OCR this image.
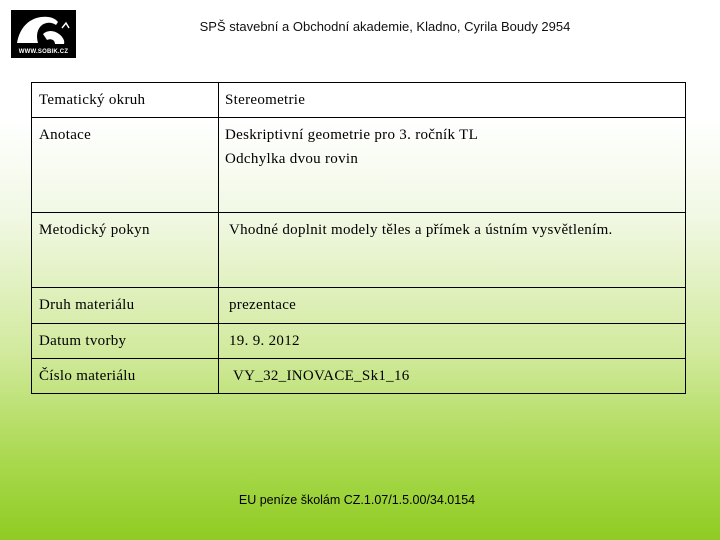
WWW.SOBIK.CZ
SPŠ stavební a Obchodní akademie, Kladno, Cyrila Boudy 2954
Tematický okruh	Stereometrie

Anotace	Deskriptivní geometrie pro 3. ročník TL
Odchylka dvou rovin

Metodický pokyn	Vhodné doplnit modely těles a přímek a ústním vysvětlením.

Druh materiálu	prezentace

Datum tvorby	19. 9. 2012

Číslo materiálu	VY_32_INOVACE_Sk1_16
EU peníze školám CZ.1.07/1.5.00/34.0154
